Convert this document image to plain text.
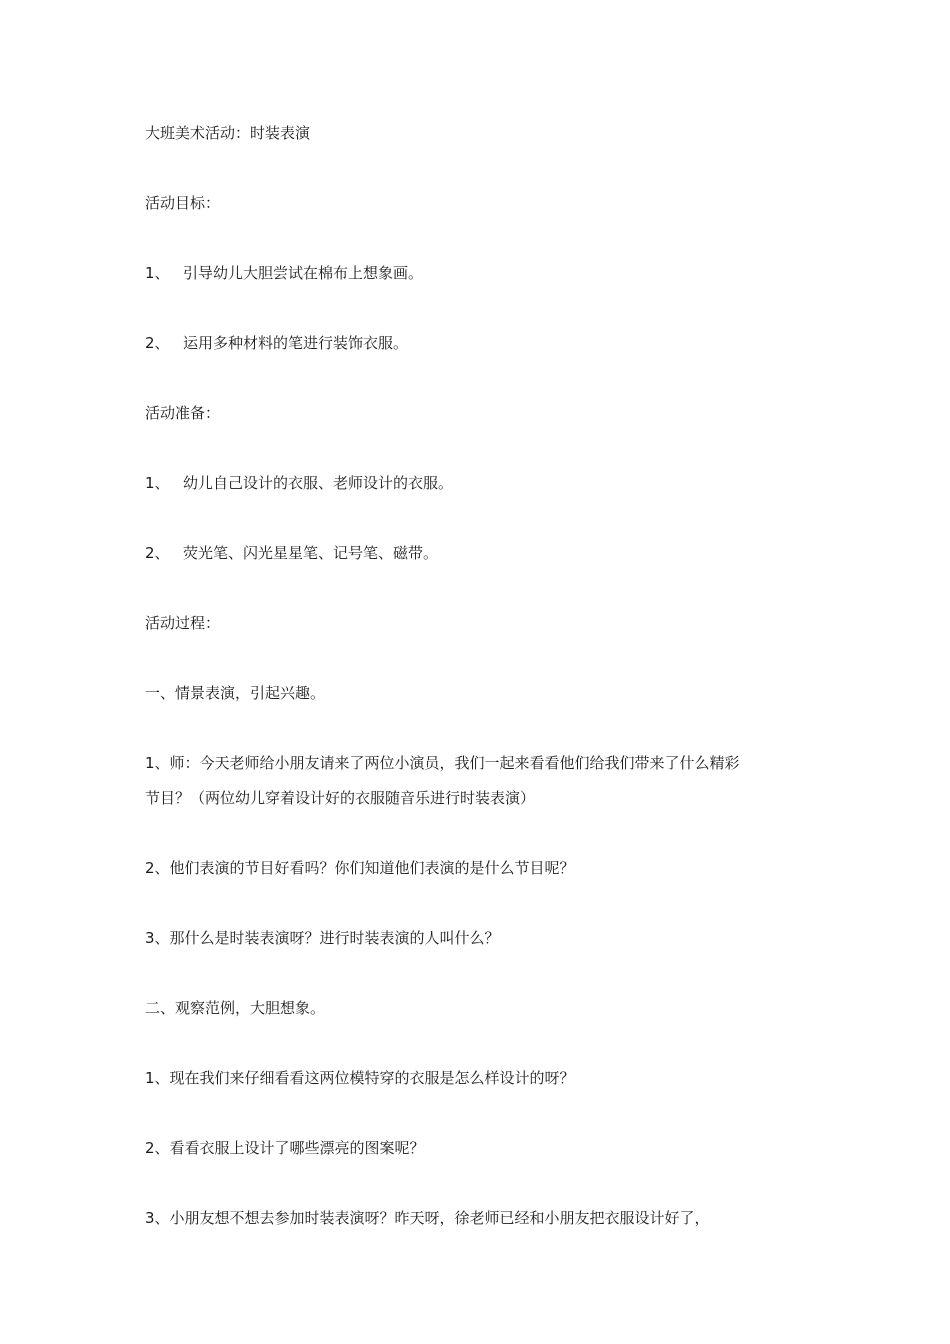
大班美术活动：时装表演
活动目标：
1、 引导幼儿大胆尝试在棉布上想象画。
2、 运用多种材料的笔进行装饰衣服。
活动准备：
1、 幼儿自己设计的衣服、老师设计的衣服。
2、 荧光笔、闪光星星笔、记号笔、磁带。
活动过程：
一、情景表演，引起兴趣。
1、师：今天老师给小朋友请来了两位小演员，我们一起来看看他们给我们带来了什么精彩
节目？（两位幼儿穿着设计好的衣服随音乐进行时装表演）
2、他们表演的节目好看吗？你们知道他们表演的是什么节目呢？
3、那什么是时装表演呀？进行时装表演的人叫什么？
二、观察范例，大胆想象。
1、现在我们来仔细看看这两位模特穿的衣服是怎么样设计的呀？
2、看看衣服上设计了哪些漂亮的图案呢？
3、小朋友想不想去参加时装表演呀？昨天呀，徐老师已经和小朋友把衣服设计好了，
